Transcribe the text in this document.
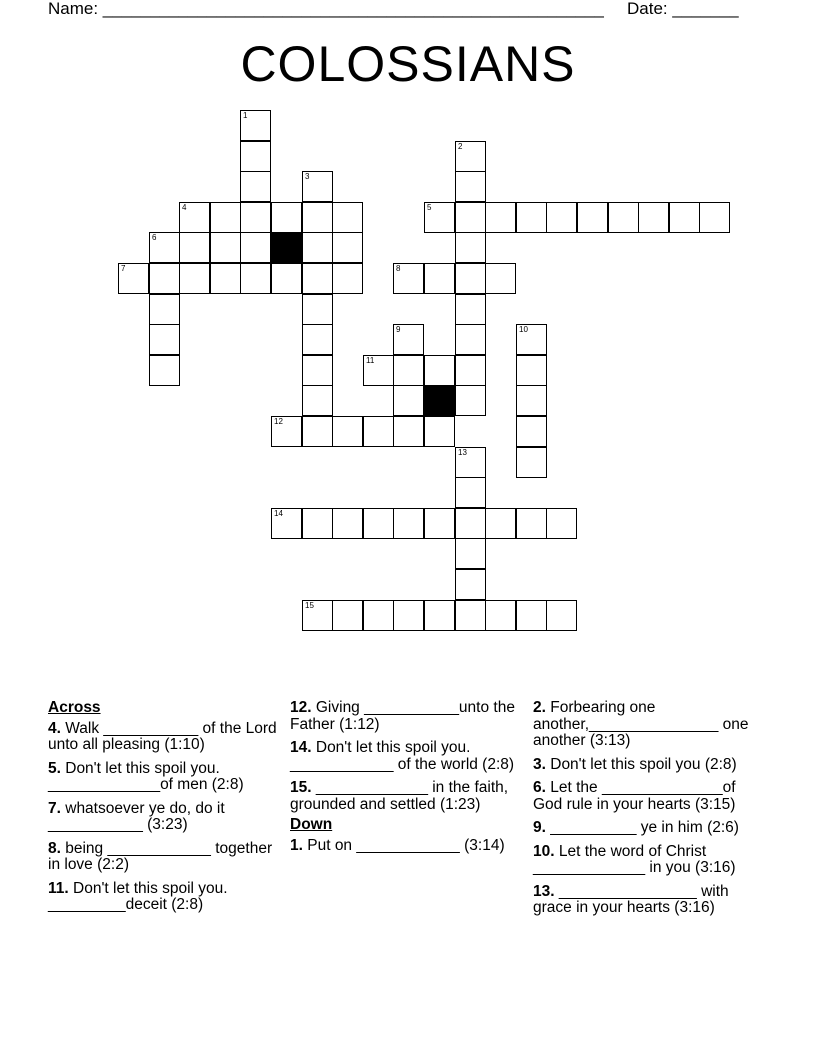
Name: _____________________________________________________ Date: _______
COLOSSIANS
1
4
6
7
3
2
5
8
9
11
10
12
13
14
15
Across
4. Walk ___________ of the Lord unto all pleasing (1:10)
5. Don't let this spoil you. _____________of men (2:8)
7. whatsoever ye do, do it ___________ (3:23)
8. being ____________ together in love (2:2)
11. Don't let this spoil you. _________deceit (2:8)
12. Giving ___________unto the Father (1:12)
14. Don't let this spoil you. ____________ of the world (2:8)
15. _____________ in the faith, grounded and settled (1:23)
Down
1. Put on ____________ (3:14)
2. Forbearing one another,_______________ one another (3:13)
3. Don't let this spoil you (2:8)
6. Let the ______________of God rule in your hearts (3:15)
9. __________ ye in him (2:6)
10. Let the word of Christ _____________ in you (3:16)
13. ________________ with grace in your hearts (3:16)
